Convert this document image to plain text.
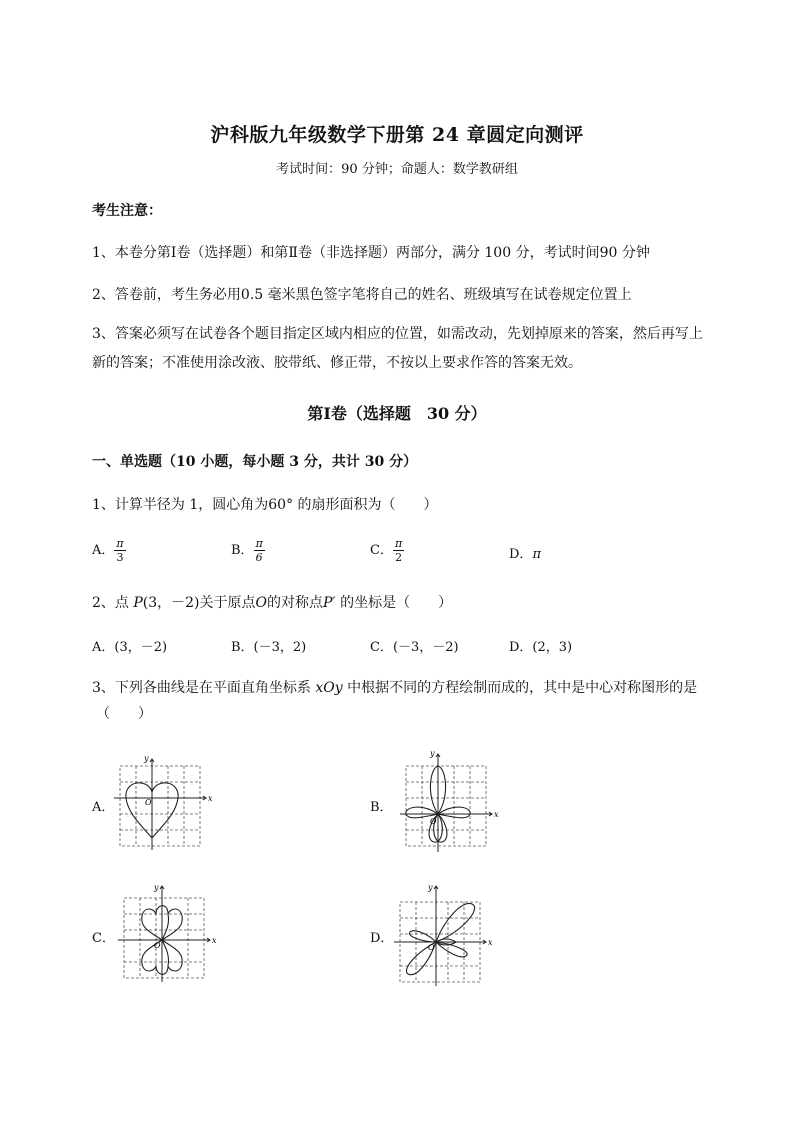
沪科版九年级数学下册第 24 章圆定向测评
考试时间：90 分钟；命题人：数学教研组
考生注意：
1、本卷分第Ⅰ卷（选择题）和第Ⅱ卷（非选择题）两部分，满分 100 分，考试时间90 分钟
2、答卷前，考生务必用0.5 毫米黑色签字笔将自己的姓名、班级填写在试卷规定位置上
3、答案必须写在试卷各个题目指定区域内相应的位置，如需改动，先划掉原来的答案，然后再写上新的答案；不准使用涂改液、胶带纸、修正带，不按以上要求作答的答案无效。
第Ⅰ卷（选择题　30 分）
一、单选题（10 小题，每小题 3 分，共计 30 分）
1、计算半径为 1，圆心角为60° 的扇形面积为（　　）
A． $\frac{\pi}{3}$	B． $\frac{\pi}{6}$	C． $\frac{\pi}{2}$	D．π
2、点 P(3，－2)关于原点O的对称点P′ 的坐标是（　　）
A．(3，－2)	B．(－3，2)	C．(－3，－2)	D．(2，3)
3、下列各曲线是在平面直角坐标系 xOy 中根据不同的方程绘制而成的，其中是中心对称图形的是
（　　）
A．
x
y
O	B．	x
y
O
C．	x
y
O	D．	x
y
O
